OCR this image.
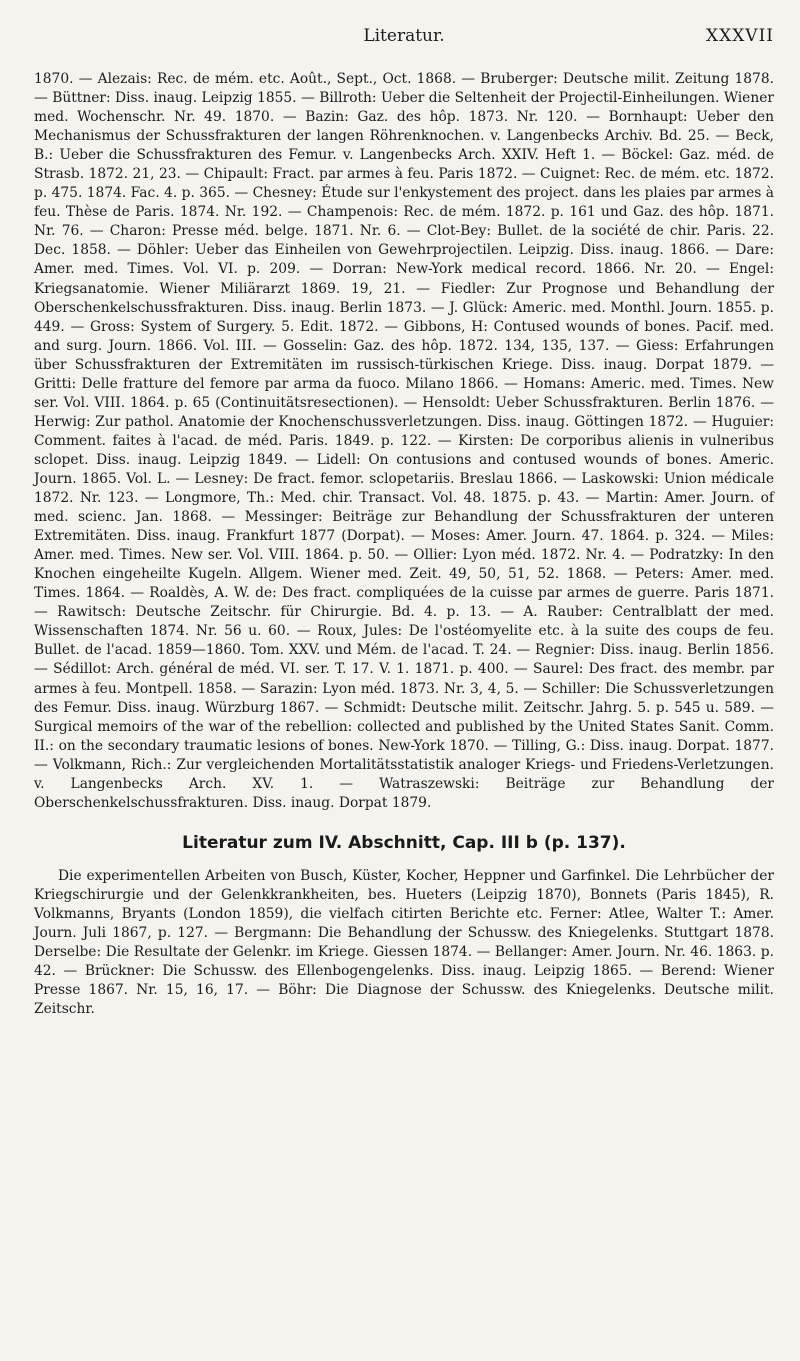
Literatur.	XXXVII

1870. — Alezais: Rec. de mém. etc. Août., Sept., Oct. 1868. — Bruberger: Deutsche milit. Zeitung 1878. — Büttner: Diss. inaug. Leipzig 1855. — Billroth: Ueber die Seltenheit der Projectil-Einheilungen. Wiener med. Wochenschr. Nr. 49. 1870. — Bazin: Gaz. des hôp. 1873. Nr. 120. — Bornhaupt: Ueber den Mechanismus der Schussfrakturen der langen Röhrenknochen. v. Langenbecks Archiv. Bd. 25. — Beck, B.: Ueber die Schussfrakturen des Femur. v. Langenbecks Arch. XXIV. Heft 1. — Böckel: Gaz. méd. de Strasb. 1872. 21, 23. — Chipault: Fract. par armes à feu. Paris 1872. — Cuignet: Rec. de mém. etc. 1872. p. 475. 1874. Fac. 4. p. 365. — Chesney: Étude sur l'enkystement des project. dans les plaies par armes à feu. Thèse de Paris. 1874. Nr. 192. — Champenois: Rec. de mém. 1872. p. 161 und Gaz. des hôp. 1871. Nr. 76. — Charon: Presse méd. belge. 1871. Nr. 6. — Clot-Bey: Bullet. de la société de chir. Paris. 22. Dec. 1858. — Döhler: Ueber das Einheilen von Gewehrprojectilen. Leipzig. Diss. inaug. 1866. — Dare: Amer. med. Times. Vol. VI. p. 209. — Dorran: New-York medical record. 1866. Nr. 20. — Engel: Kriegsanatomie. Wiener Miliärarzt 1869. 19, 21. — Fiedler: Zur Prognose und Behandlung der Oberschenkelschussfrakturen. Diss. inaug. Berlin 1873. — J. Glück: Americ. med. Monthl. Journ. 1855. p. 449. — Gross: System of Surgery. 5. Edit. 1872. — Gibbons, H: Contused wounds of bones. Pacif. med. and surg. Journ. 1866. Vol. III. — Gosselin: Gaz. des hôp. 1872. 134, 135, 137. — Giess: Erfahrungen über Schussfrakturen der Extremitäten im russisch-türkischen Kriege. Diss. inaug. Dorpat 1879. — Gritti: Delle fratture del femore par arma da fuoco. Milano 1866. — Homans: Americ. med. Times. New ser. Vol. VIII. 1864. p. 65 (Continuitätsresectionen). — Hensoldt: Ueber Schussfrakturen. Berlin 1876. — Herwig: Zur pathol. Anatomie der Knochenschussverletzungen. Diss. inaug. Göttingen 1872. — Huguier: Comment. faites à l'acad. de méd. Paris. 1849. p. 122. — Kirsten: De corporibus alienis in vulneribus sclopet. Diss. inaug. Leipzig 1849. — Lidell: On contusions and contused wounds of bones. Americ. Journ. 1865. Vol. L. — Lesney: De fract. femor. sclopetariis. Breslau 1866. — Laskowski: Union médicale 1872. Nr. 123. — Longmore, Th.: Med. chir. Transact. Vol. 48. 1875. p. 43. — Martin: Amer. Journ. of med. scienc. Jan. 1868. — Messinger: Beiträge zur Behandlung der Schussfrakturen der unteren Extremitäten. Diss. inaug. Frankfurt 1877 (Dorpat). — Moses: Amer. Journ. 47. 1864. p. 324. — Miles: Amer. med. Times. New ser. Vol. VIII. 1864. p. 50. — Ollier: Lyon méd. 1872. Nr. 4. — Podratzky: In den Knochen eingeheilte Kugeln. Allgem. Wiener med. Zeit. 49, 50, 51, 52. 1868. — Peters: Amer. med. Times. 1864. — Roaldès, A. W. de: Des fract. compliquées de la cuisse par armes de guerre. Paris 1871. — Rawitsch: Deutsche Zeitschr. für Chirurgie. Bd. 4. p. 13. — A. Rauber: Centralblatt der med. Wissenschaften 1874. Nr. 56 u. 60. — Roux, Jules: De l'ostéomyelite etc. à la suite des coups de feu. Bullet. de l'acad. 1859—1860. Tom. XXV. und Mém. de l'acad. T. 24. — Regnier: Diss. inaug. Berlin 1856. — Sédillot: Arch. général de méd. VI. ser. T. 17. V. 1. 1871. p. 400. — Saurel: Des fract. des membr. par armes à feu. Montpell. 1858. — Sarazin: Lyon méd. 1873. Nr. 3, 4, 5. — Schiller: Die Schussverletzungen des Femur. Diss. inaug. Würzburg 1867. — Schmidt: Deutsche milit. Zeitschr. Jahrg. 5. p. 545 u. 589. — Surgical memoirs of the war of the rebellion: collected and published by the United States Sanit. Comm. II.: on the secondary traumatic lesions of bones. New-York 1870. — Tilling, G.: Diss. inaug. Dorpat. 1877. — Volkmann, Rich.: Zur vergleichenden Mortalitätsstatistik analoger Kriegs- und Friedens-Verletzungen. v. Langenbecks Arch. XV. 1. — Watraszewski: Beiträge zur Behandlung der Oberschenkelschussfrakturen. Diss. inaug. Dorpat 1879.

Literatur zum IV. Abschnitt, Cap. III b (p. 137).

Die experimentellen Arbeiten von Busch, Küster, Kocher, Heppner und Garfinkel. Die Lehrbücher der Kriegschirurgie und der Gelenkkrankheiten, bes. Hueters (Leipzig 1870), Bonnets (Paris 1845), R. Volkmanns, Bryants (London 1859), die vielfach citirten Berichte etc. Ferner: Atlee, Walter T.: Amer. Journ. Juli 1867, p. 127. — Bergmann: Die Behandlung der Schussw. des Kniegelenks. Stuttgart 1878. Derselbe: Die Resultate der Gelenkr. im Kriege. Giessen 1874. — Bellanger: Amer. Journ. Nr. 46. 1863. p. 42. — Brückner: Die Schussw. des Ellenbogengelenks. Diss. inaug. Leipzig 1865. — Berend: Wiener Presse 1867. Nr. 15, 16, 17. — Böhr: Die Diagnose der Schussw. des Kniegelenks. Deutsche milit. Zeitschr.
